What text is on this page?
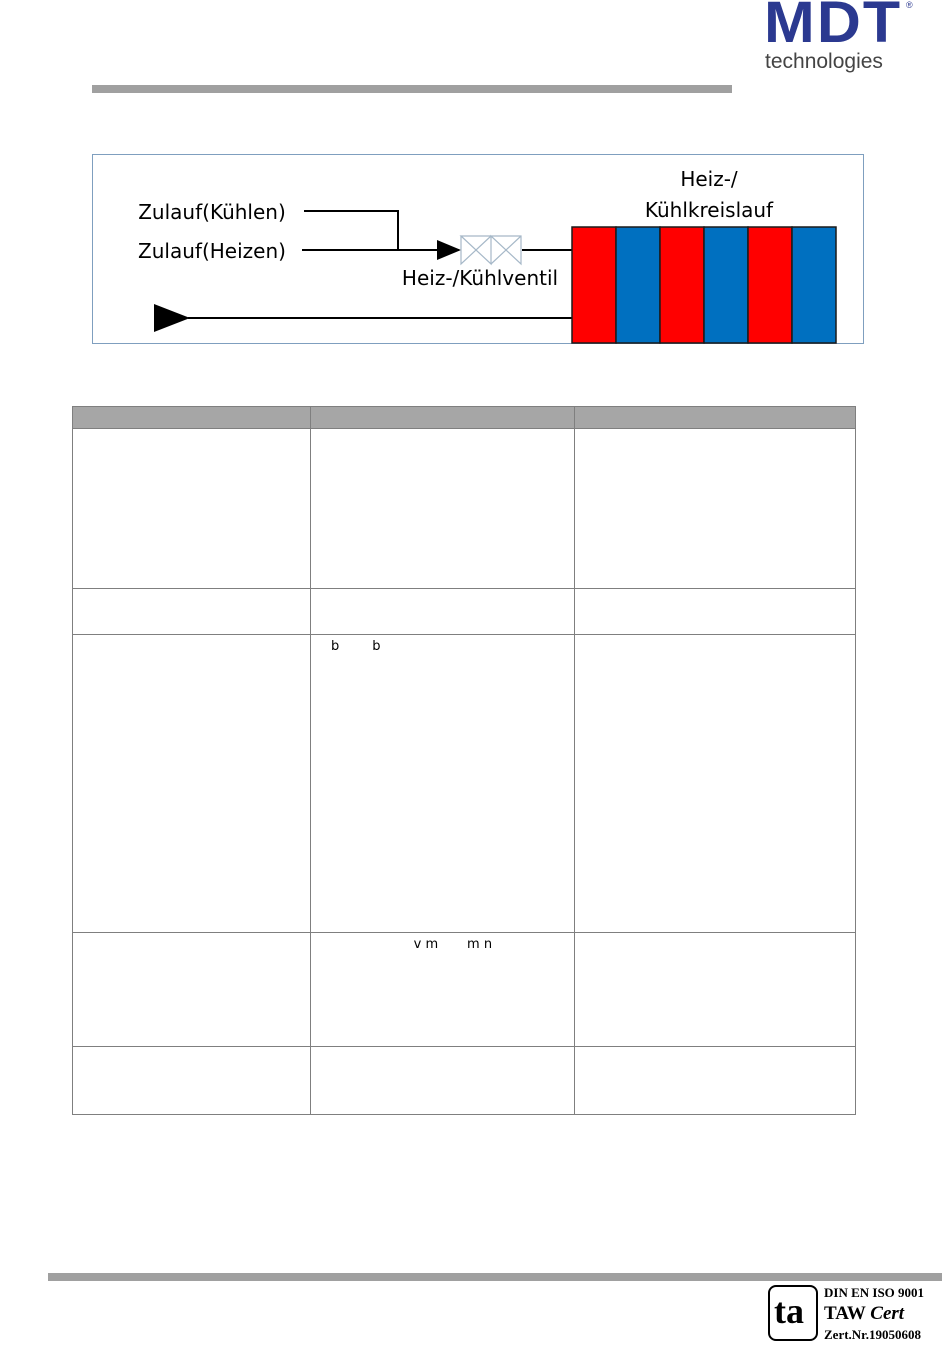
MDT ®
technologies
Zulauf(Kühlen)
Zulauf(Heizen)
Heiz-/Kühlventil
Heiz-/
Kühlkreislauf

	b        b	

	v m       m n	

ta DIN EN ISO 9001
TAW Cert
Zert.Nr.19050608
